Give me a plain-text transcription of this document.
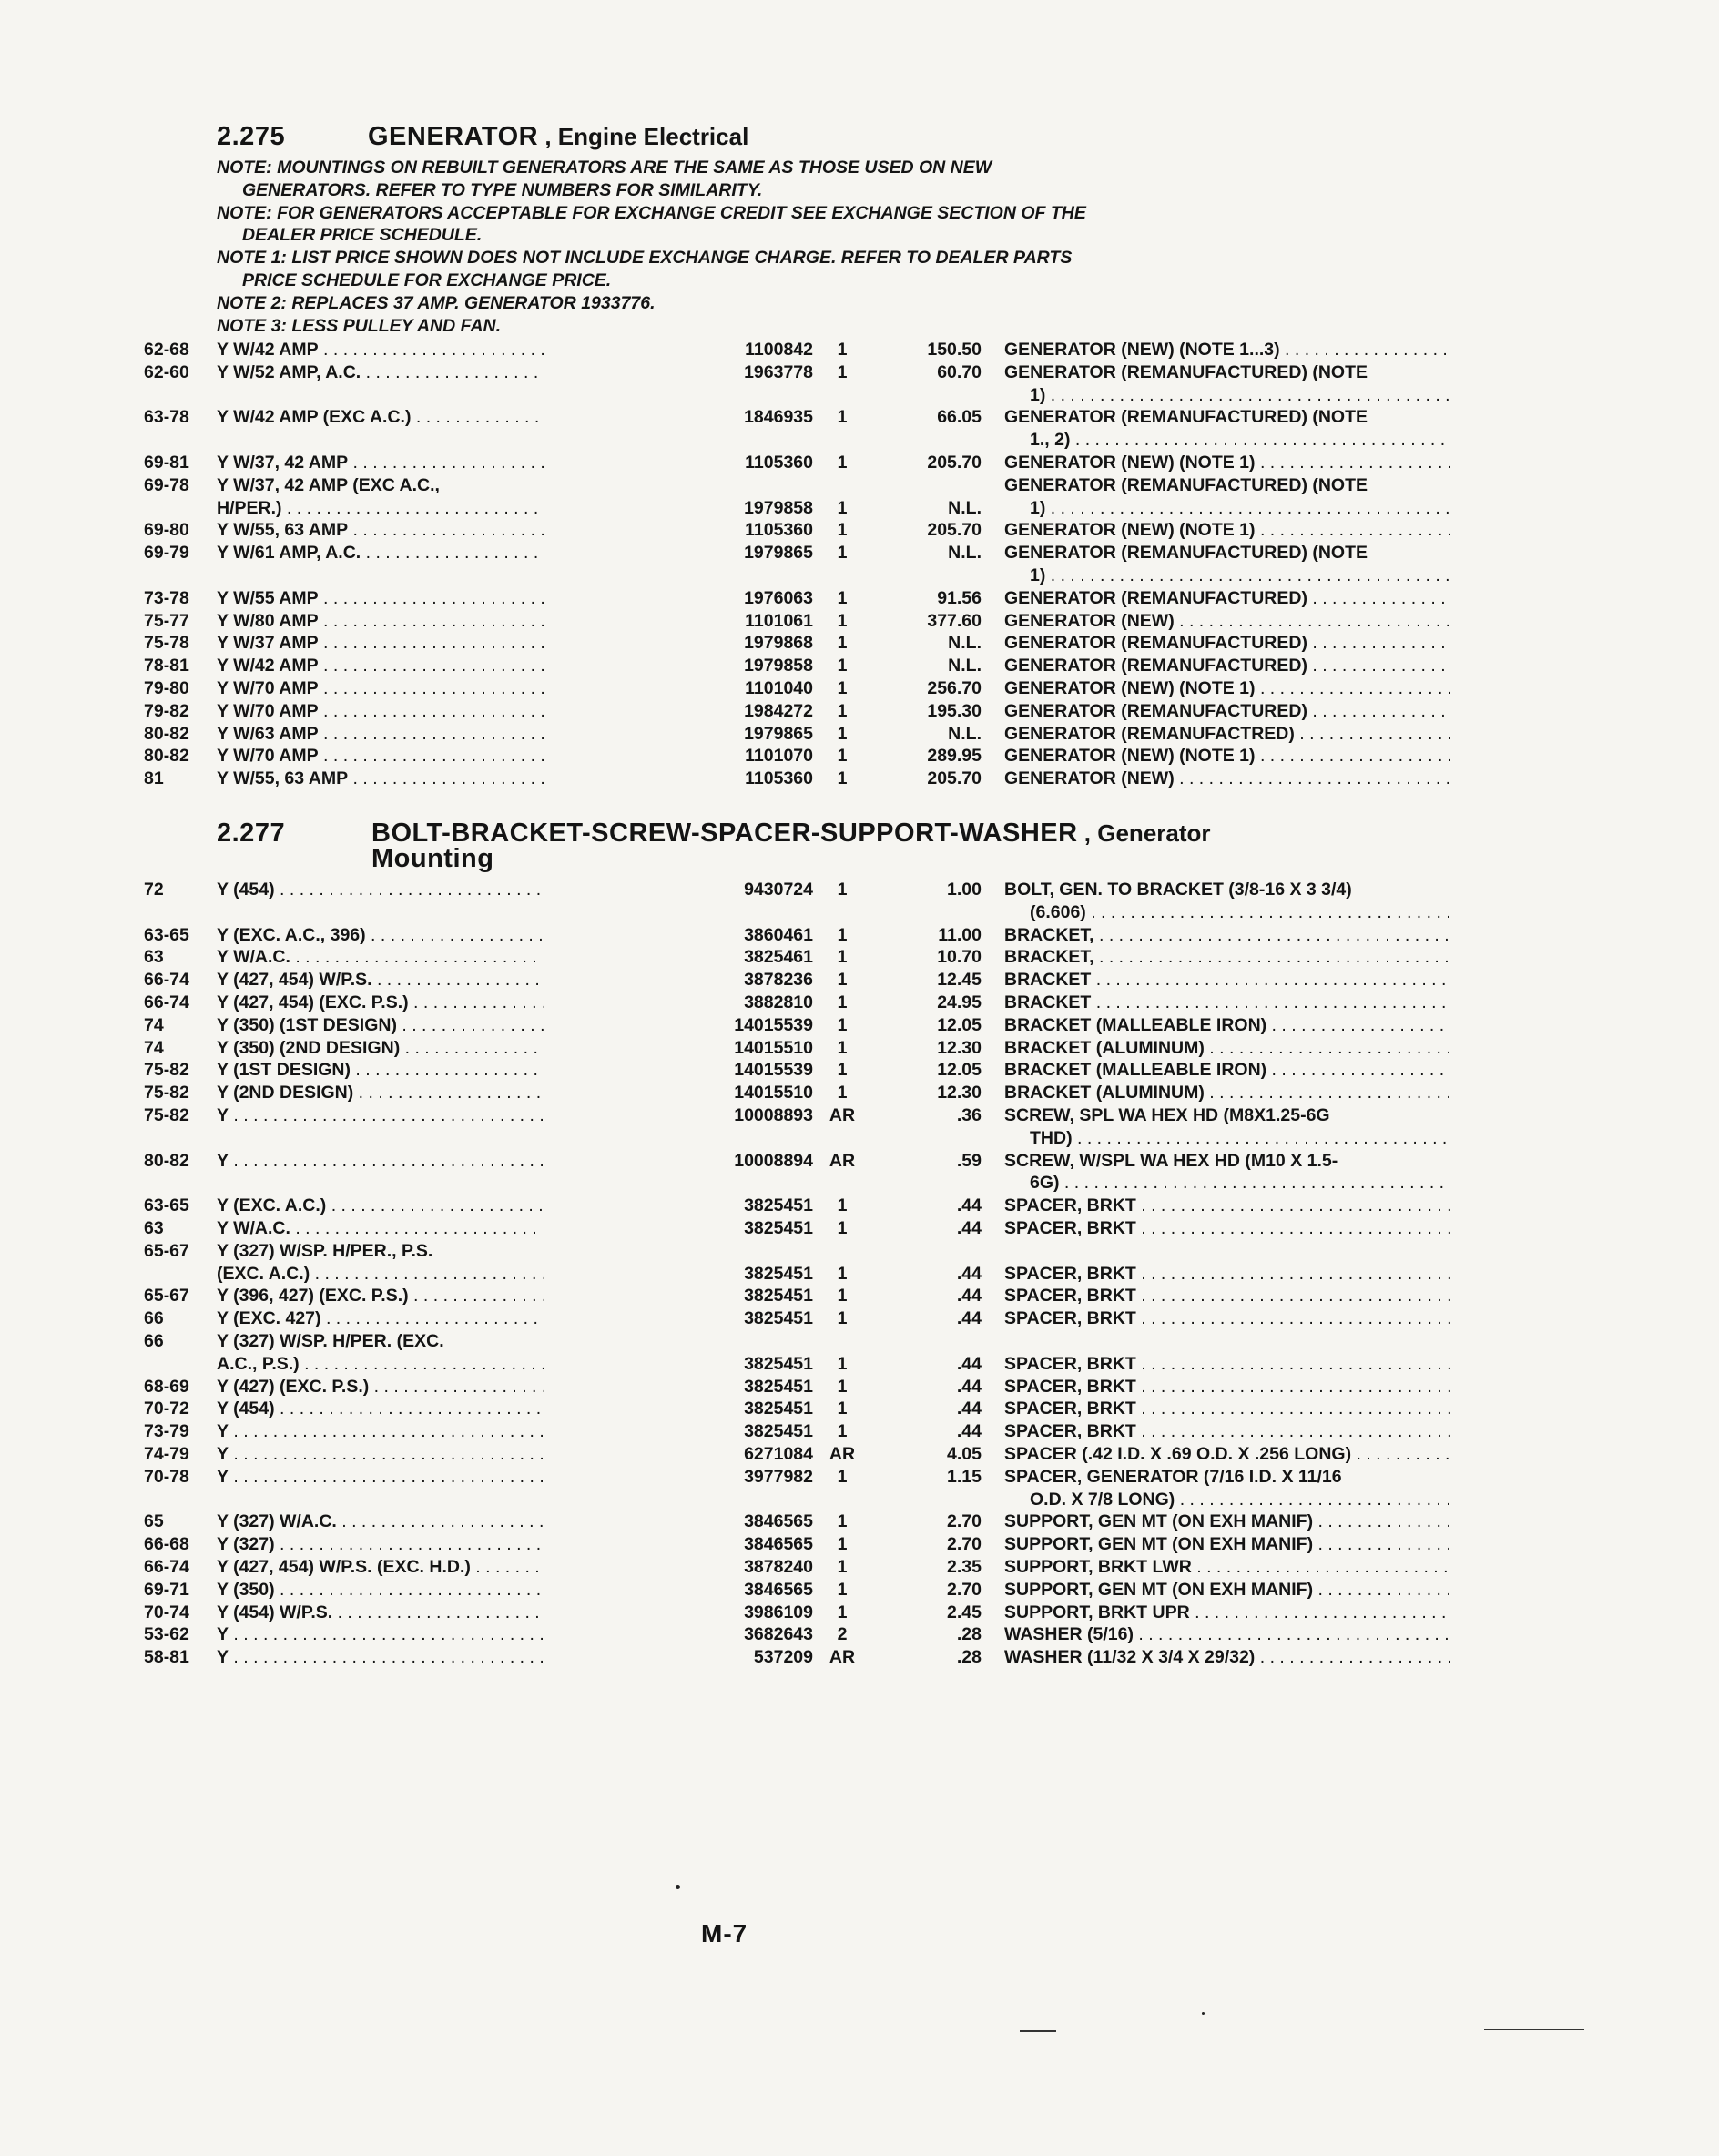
2.275	GENERATOR , Engine Electrical
NOTE: MOUNTINGS ON REBUILT GENERATORS ARE THE SAME AS THOSE USED ON NEW
GENERATORS. REFER TO TYPE NUMBERS FOR SIMILARITY.
NOTE: FOR GENERATORS ACCEPTABLE FOR EXCHANGE CREDIT SEE EXCHANGE SECTION OF THE
DEALER PRICE SCHEDULE.
NOTE 1: LIST PRICE SHOWN DOES NOT INCLUDE EXCHANGE CHARGE. REFER TO DEALER PARTS
PRICE SCHEDULE FOR EXCHANGE PRICE.
NOTE 2: REPLACES 37 AMP. GENERATOR 1933776.
NOTE 3: LESS PULLEY AND FAN.
62-68 Y W/42 AMP . . .	1100842	1	150.50 GENERATOR (NEW) (NOTE 1...3) . . .
62-60 Y W/52 AMP, A.C. . . .	1963778	1	60.70 GENERATOR (REMANUFACTURED) (NOTE
1) . . .
63-78 Y W/42 AMP (EXC A.C.) . . .	1846935	1	66.05 GENERATOR (REMANUFACTURED) (NOTE
1., 2) . . .
69-81 Y W/37, 42 AMP . . .	1105360	1	205.70 GENERATOR (NEW) (NOTE 1) . . .
69-78 Y W/37, 42 AMP (EXC A.C.,
H/PER.) . . .	1979858	1	N.L.
GENERATOR (REMANUFACTURED) (NOTE
1) . . .
69-80 Y W/55, 63 AMP . . .	1105360	1	205.70 GENERATOR (NEW) (NOTE 1) . . .
69-79 Y W/61 AMP, A.C. . . .	1979865	1	N.L. GENERATOR (REMANUFACTURED) (NOTE
1) . . .
73-78 Y W/55 AMP . . .	1976063	1	91.56 GENERATOR (REMANUFACTURED) . . .
75-77 Y W/80 AMP . . .	1101061	1	377.60 GENERATOR (NEW) . . .
75-78 Y W/37 AMP . . .	1979868	1	N.L. GENERATOR (REMANUFACTURED) . . .
78-81 Y W/42 AMP . . .	1979858	1	N.L. GENERATOR (REMANUFACTURED) . . .
79-80 Y W/70 AMP . . .	1101040	1	256.70 GENERATOR (NEW) (NOTE 1) . . .
79-82 Y W/70 AMP . . .	1984272	1	195.30 GENERATOR (REMANUFACTURED) . . .
80-82 Y W/63 AMP . . .	1979865	1	N.L. GENERATOR (REMANUFACTRED) . . .
80-82 Y W/70 AMP . . .	1101070	1	289.95 GENERATOR (NEW) (NOTE 1) . . .
81	Y W/55, 63 AMP . . .	1105360	1	205.70 GENERATOR (NEW) . . .
2.277	BOLT-BRACKET-SCREW-SPACER-SUPPORT-WASHER , Generator
Mounting
72	Y (454) . . .	9430724	1	1.00 BOLT, GEN. TO BRACKET (3/8-16 X 3 3/4)
(6.606) . . .
63-65 Y (EXC. A.C., 396) . . .	3860461	1	11.00 BRACKET, . . .
63	Y W/A.C. . . .	3825461	1	10.70 BRACKET, . . .
66-74 Y (427, 454) W/P.S. . . .	3878236	1	12.45 BRACKET . . .
66-74 Y (427, 454) (EXC. P.S.) . . .	3882810	1	24.95 BRACKET . . .
74	Y (350) (1ST DESIGN) . . .	14015539	1	12.05 BRACKET (MALLEABLE IRON) . . .
74	Y (350) (2ND DESIGN) . . .	14015510	1	12.30 BRACKET (ALUMINUM) . . .
75-82 Y (1ST DESIGN) . . .	14015539	1	12.05 BRACKET (MALLEABLE IRON) . . .
75-82 Y (2ND DESIGN) . . .	14015510	1	12.30 BRACKET (ALUMINUM) . . .
75-82 Y . . .	10008893 AR	.36 SCREW, SPL WA HEX HD (M8X1.25-6G
THD) . . .
80-82 Y . . .	10008894 AR	.59 SCREW, W/SPL WA HEX HD (M10 X 1.5-
6G) . . .
63-65 Y (EXC. A.C.) . . .	3825451	1	.44 SPACER, BRKT . . .
63	Y W/A.C. . . .	3825451	1	.44 SPACER, BRKT . . .
65-67 Y (327) W/SP. H/PER., P.S.
(EXC. A.C.) . . .	3825451	1	.44 SPACER, BRKT . . .
65-67 Y (396, 427) (EXC. P.S.) . . .	3825451	1	.44 SPACER, BRKT . . .
66	Y (EXC. 427) . . .	3825451	1	.44 SPACER, BRKT . . .
66	Y (327) W/SP. H/PER. (EXC.
A.C., P.S.) . . .	3825451	1	.44 SPACER, BRKT . . .
68-69 Y (427) (EXC. P.S.) . . .	3825451	1	.44 SPACER, BRKT . . .
70-72 Y (454) . . .	3825451	1	.44 SPACER, BRKT . . .
73-79 Y . . .	3825451	1	.44 SPACER, BRKT . . .
74-79 Y . . .	6271084 AR	4.05 SPACER (.42 I.D. X .69 O.D. X .256 LONG) . . .
70-78 Y . . .	3977982	1	1.15 SPACER, GENERATOR (7/16 I.D. X 11/16
O.D. X 7/8 LONG) . . .
65	Y (327) W/A.C. . . .	3846565	1	2.70 SUPPORT, GEN MT (ON EXH MANIF) . . .
66-68 Y (327) . . .	3846565	1	2.70 SUPPORT, GEN MT (ON EXH MANIF) . . .
66-74 Y (427, 454) W/P.S. (EXC. H.D.) . . .	3878240	1	2.35 SUPPORT, BRKT LWR . . .
69-71 Y (350) . . .	3846565	1	2.70 SUPPORT, GEN MT (ON EXH MANIF) . . .
70-74 Y (454) W/P.S. . . .	3986109	1	2.45 SUPPORT, BRKT UPR . . .
53-62 Y . . .	3682643	2	.28 WASHER (5/16) . . .
58-81 Y . . .	537209 AR	.28 WASHER (11/32 X 3/4 X 29/32) . . .
M-7
